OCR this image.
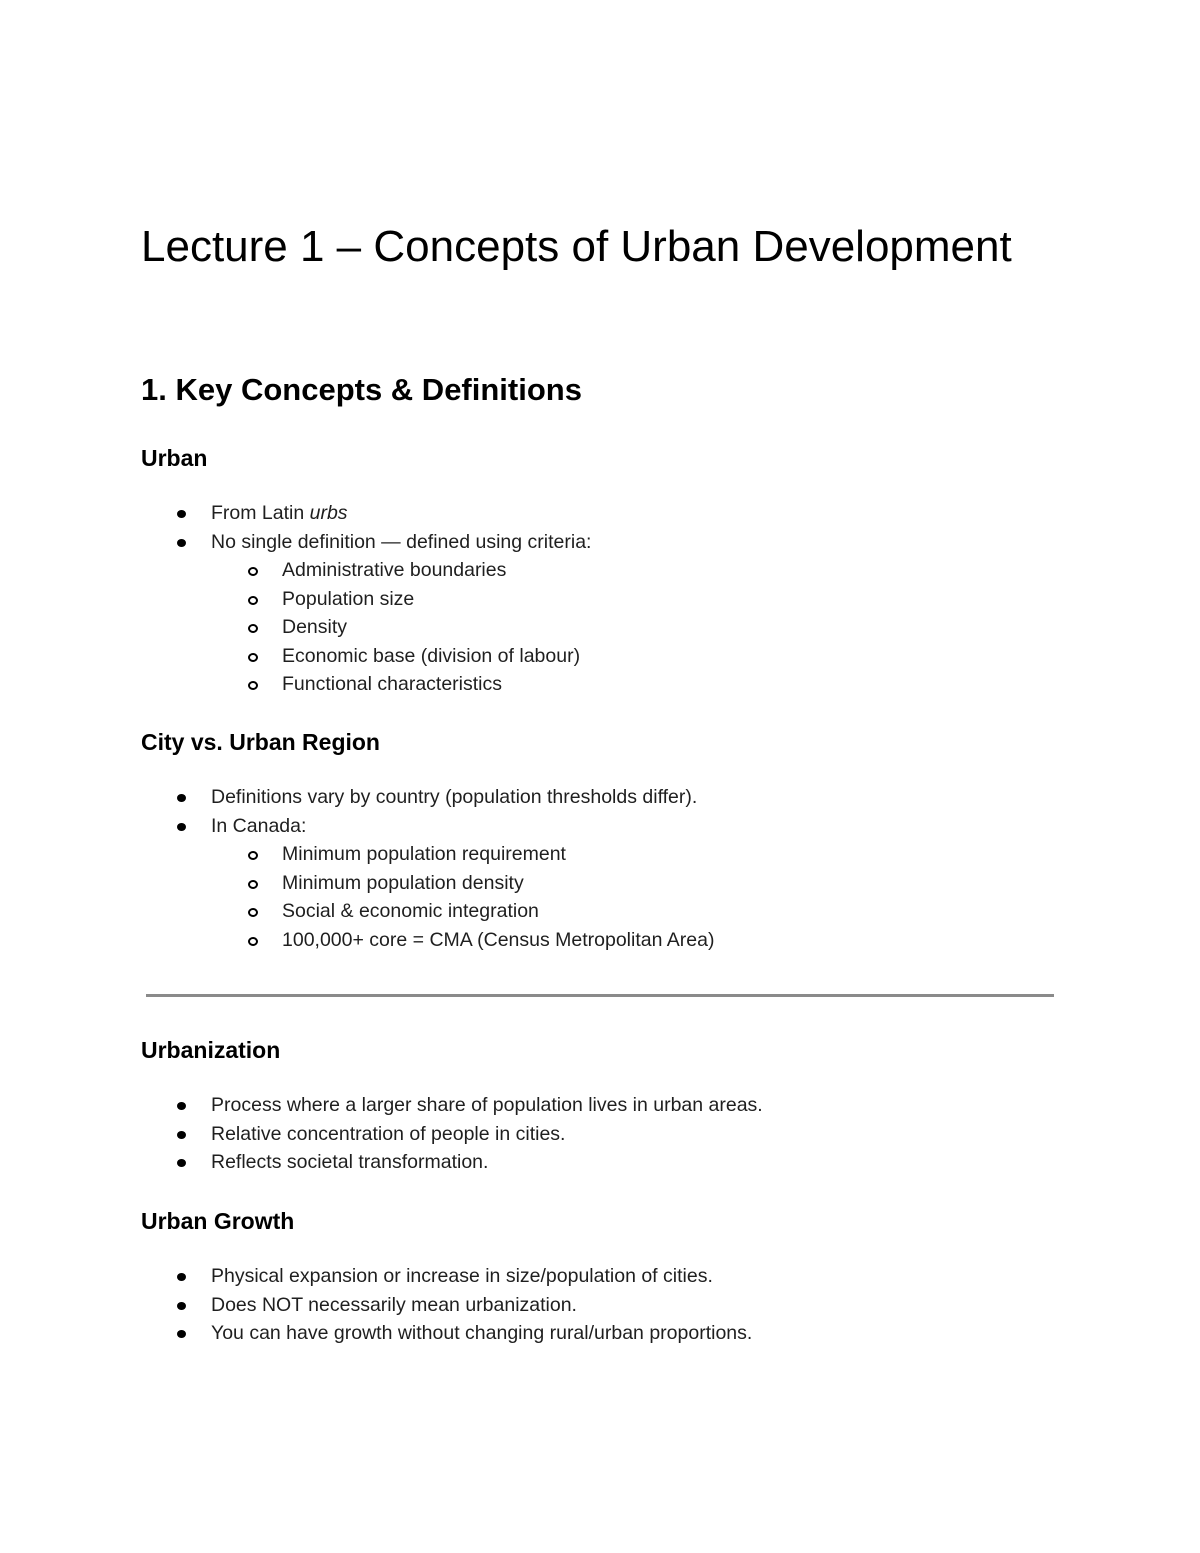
Lecture 1 – Concepts of Urban Development
1. Key Concepts & Definitions
Urban
From Latin urbs
No single definition — defined using criteria:
Administrative boundaries
Population size
Density
Economic base (division of labour)
Functional characteristics
City vs. Urban Region
Definitions vary by country (population thresholds differ).
In Canada:
Minimum population requirement
Minimum population density
Social & economic integration
100,000+ core = CMA (Census Metropolitan Area)
Urbanization
Process where a larger share of population lives in urban areas.
Relative concentration of people in cities.
Reflects societal transformation.
Urban Growth
Physical expansion or increase in size/population of cities.
Does NOT necessarily mean urbanization.
You can have growth without changing rural/urban proportions.
